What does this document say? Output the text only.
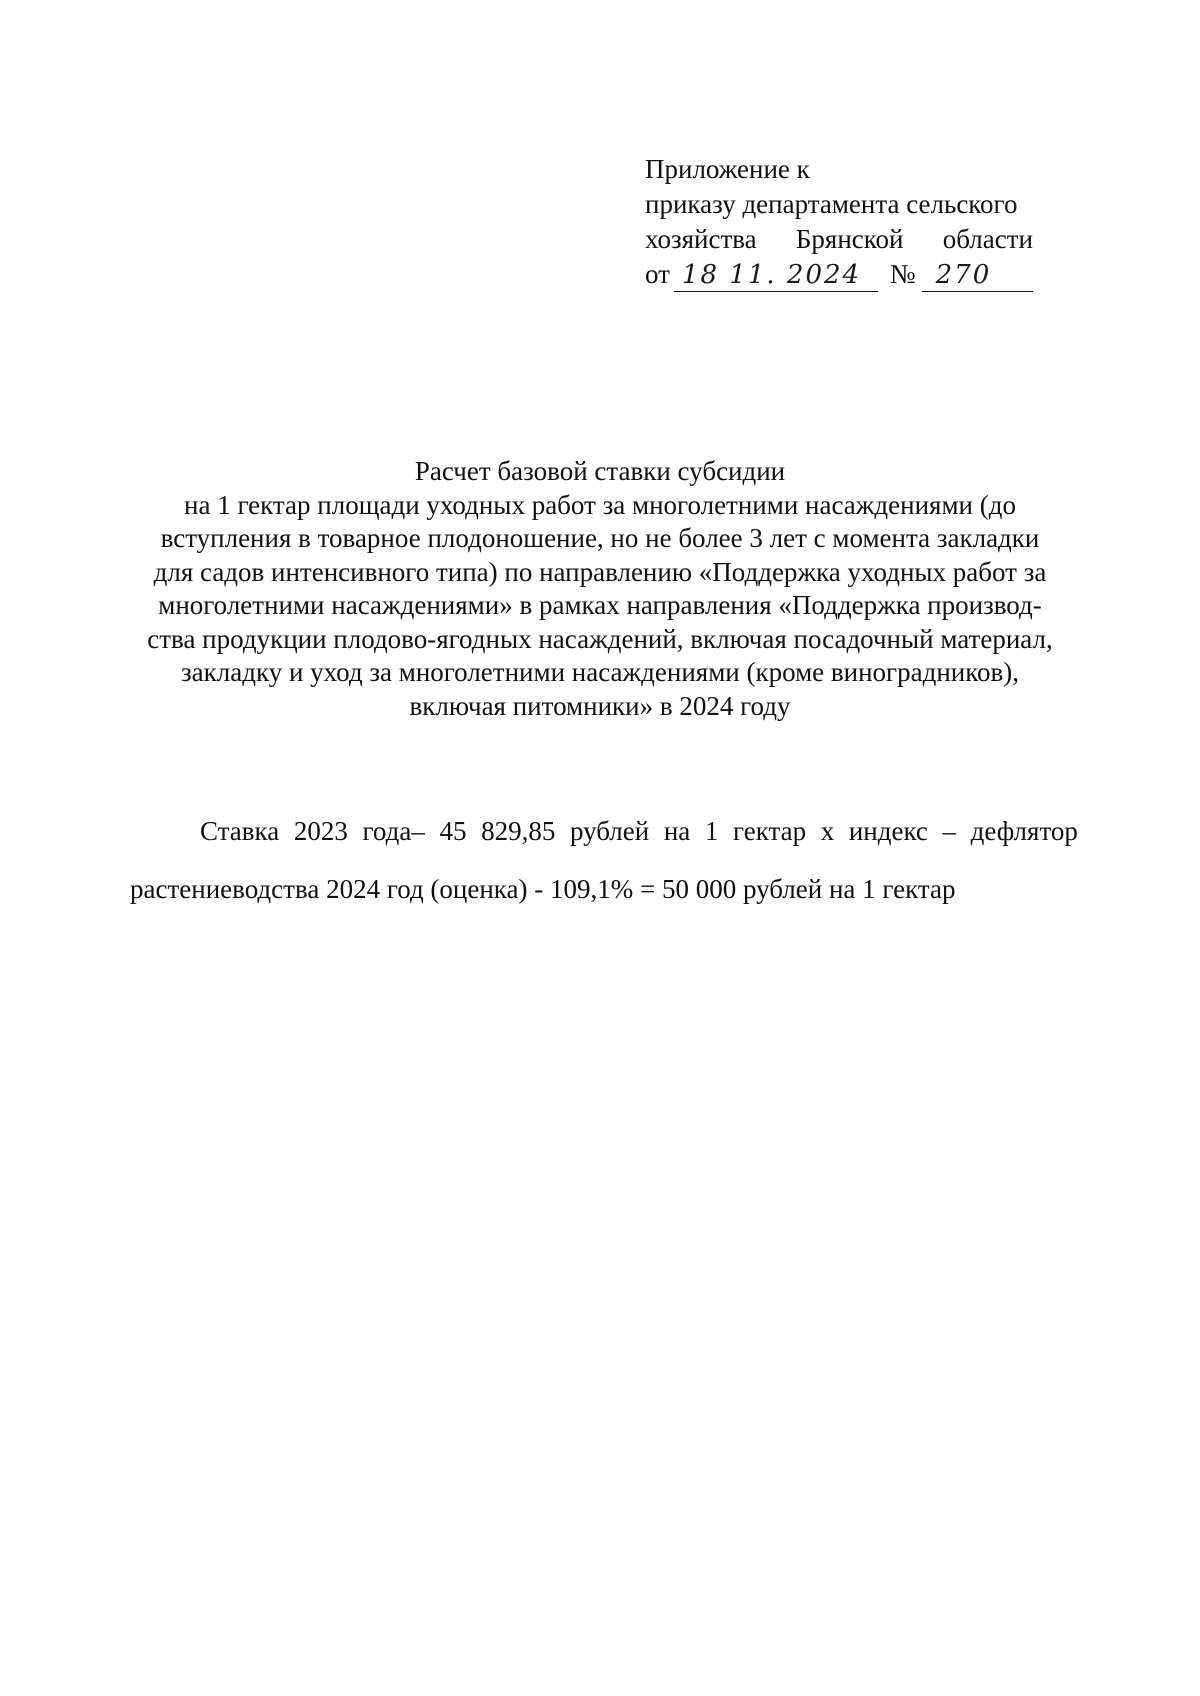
Приложение к
приказу департамента сельского
хозяйства Брянской области
от 18 11. 2024 № 270
Расчет базовой ставки субсидии
на 1 гектар площади уходных работ за многолетними насаждениями (до
вступления в товарное плодоношение, но не более 3 лет с момента закладки
для садов интенсивного типа) по направлению «Поддержка уходных работ за
многолетними насаждениями» в рамках направления «Поддержка производ-
ства продукции плодово-ягодных насаждений, включая посадочный материал,
закладку и уход за многолетними насаждениями (кроме виноградников),
включая питомники» в 2024 году
Ставка 2023 года– 45 829,85 рублей на 1 гектар х индекс – дефлятор
растениеводства 2024 год (оценка) - 109,1% = 50 000 рублей на 1 гектар
